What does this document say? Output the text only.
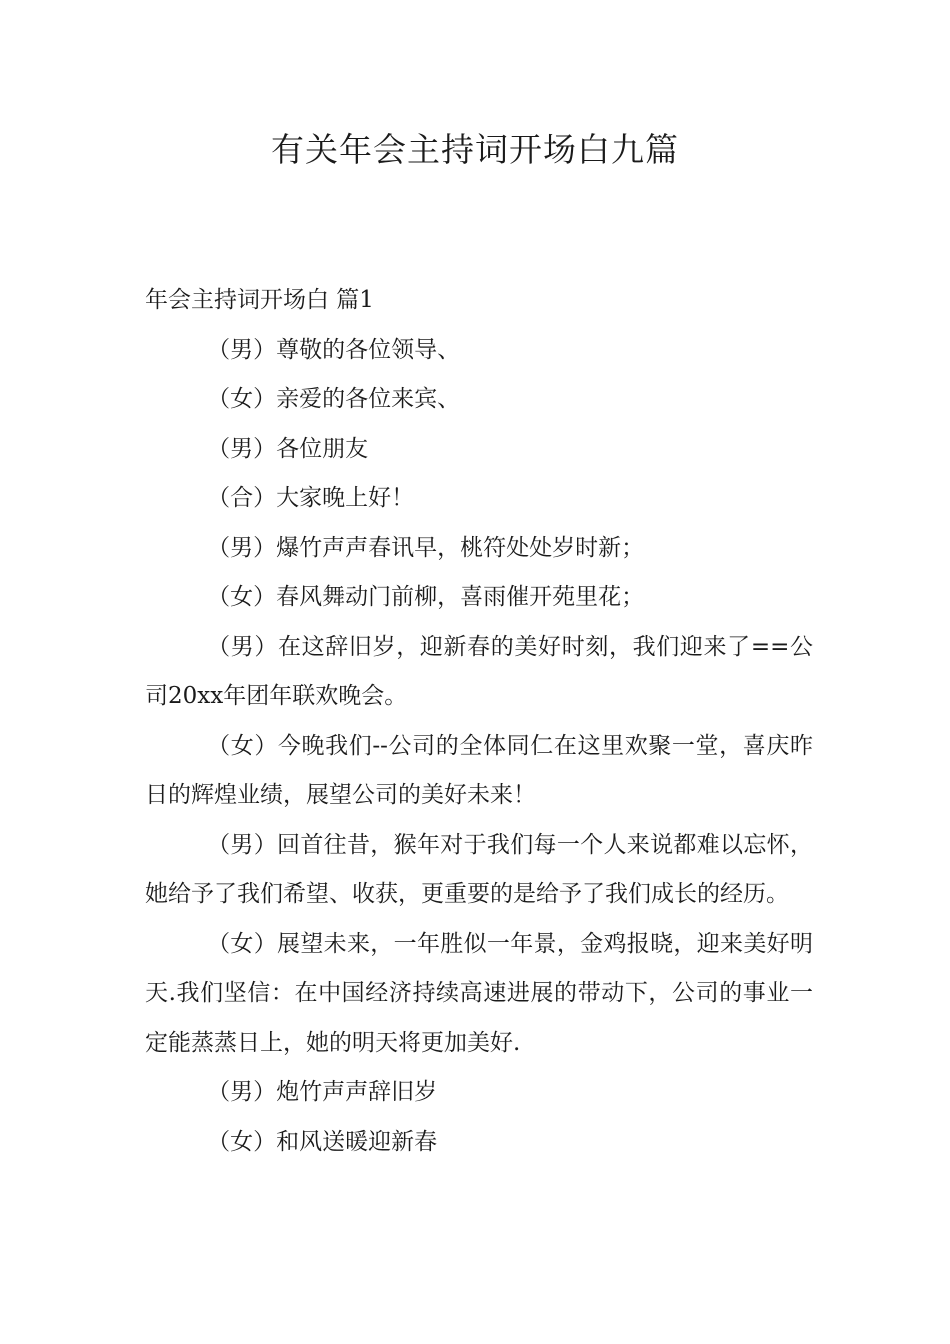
有关年会主持词开场白九篇

年会主持词开场白 篇1

（男）尊敬的各位领导、

（女）亲爱的各位来宾、

（男）各位朋友

（合）大家晚上好！

（男）爆竹声声春讯早，桃符处处岁时新；

（女）春风舞动门前柳，喜雨催开苑里花；

（男）在这辞旧岁，迎新春的美好时刻，我们迎来了==公司20xx年团年联欢晚会。

（女）今晚我们--公司的全体同仁在这里欢聚一堂，喜庆昨日的辉煌业绩，展望公司的美好未来！

（男）回首往昔，猴年对于我们每一个人来说都难以忘怀，她给予了我们希望、收获，更重要的是给予了我们成长的经历。

（女）展望未来，一年胜似一年景，金鸡报晓，迎来美好明天.我们坚信：在中国经济持续高速进展的带动下，公司的事业一定能蒸蒸日上，她的明天将更加美好.

（男）炮竹声声辞旧岁

（女）和风送暖迎新春
